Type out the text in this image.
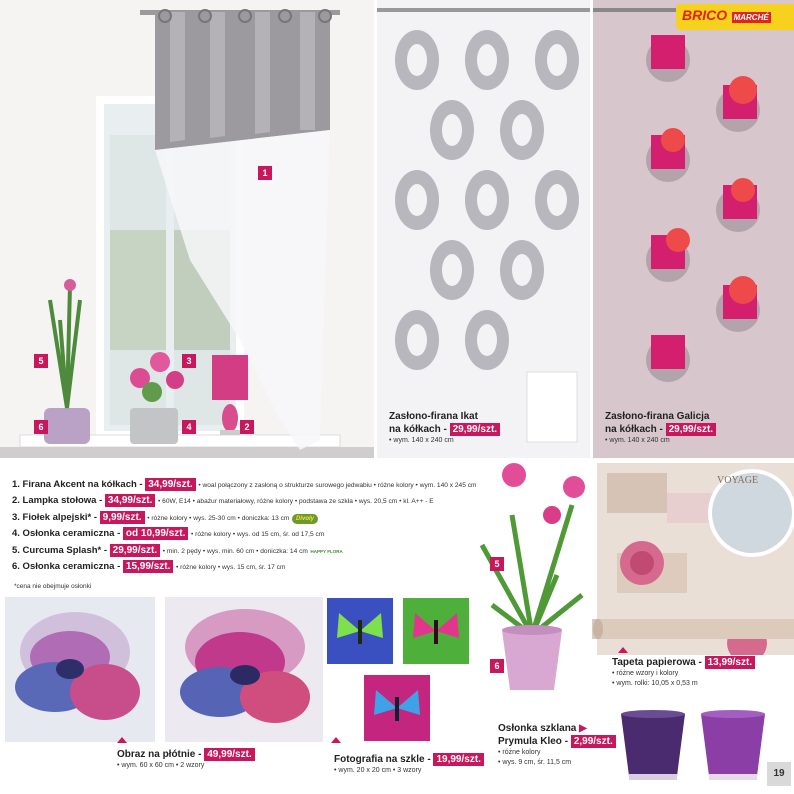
1
5	3
6	4	2
Zasłono-firana Ikat
na kółkach - 29,99/szt.
• wym. 140 x 240 cm
BRICO MARCHÉ
Zasłono-firana Galicja
na kółkach - 29,99/szt.
• wym. 140 x 240 cm
1. Firana Akcent na kółkach - 34,99/szt. • woal połączony z zasłoną o strukturze surowego jedwabiu • różne kolory • wym. 140 x 245 cm
2. Lampka stołowa - 34,99/szt. • 60W, E14 • abażur materiałowy, różne kolory • podstawa ze szkła • wys. 20,5 cm • kl. A++ - E
3. Fiołek alpejski* - 9,99/szt. • różne kolory • wys. 25-30 cm • doniczka: 13 cm Divoly
4. Osłonka ceramiczna - od 10,99/szt. • różne kolory • wys. od 15 cm, śr. od 17,5 cm
5. Curcuma Splash* - 29,99/szt. • min. 2 pędy • wys. min. 60 cm • doniczka: 14 cm HAPPY FLORA
6. Osłonka ceramiczna - 15,99/szt. • różne kolory • wys. 15 cm, śr. 17 cm
*cena nie obejmuje osłonki
5
6
VOYAGE
Tapeta papierowa - 13,99/szt.
• różne wzory i kolory
• wym. rolki: 10,05 x 0,53 m
Obraz na płótnie - 49,99/szt.
• wym. 60 x 60 cm • 2 wzory
Fotografia na szkle - 19,99/szt.
• wym. 20 x 20 cm • 3 wzory
Osłonka szklana ▶
Prymula Kleo - 2,99/szt.
• różne kolory
• wys. 9 cm, śr. 11,5 cm
19
